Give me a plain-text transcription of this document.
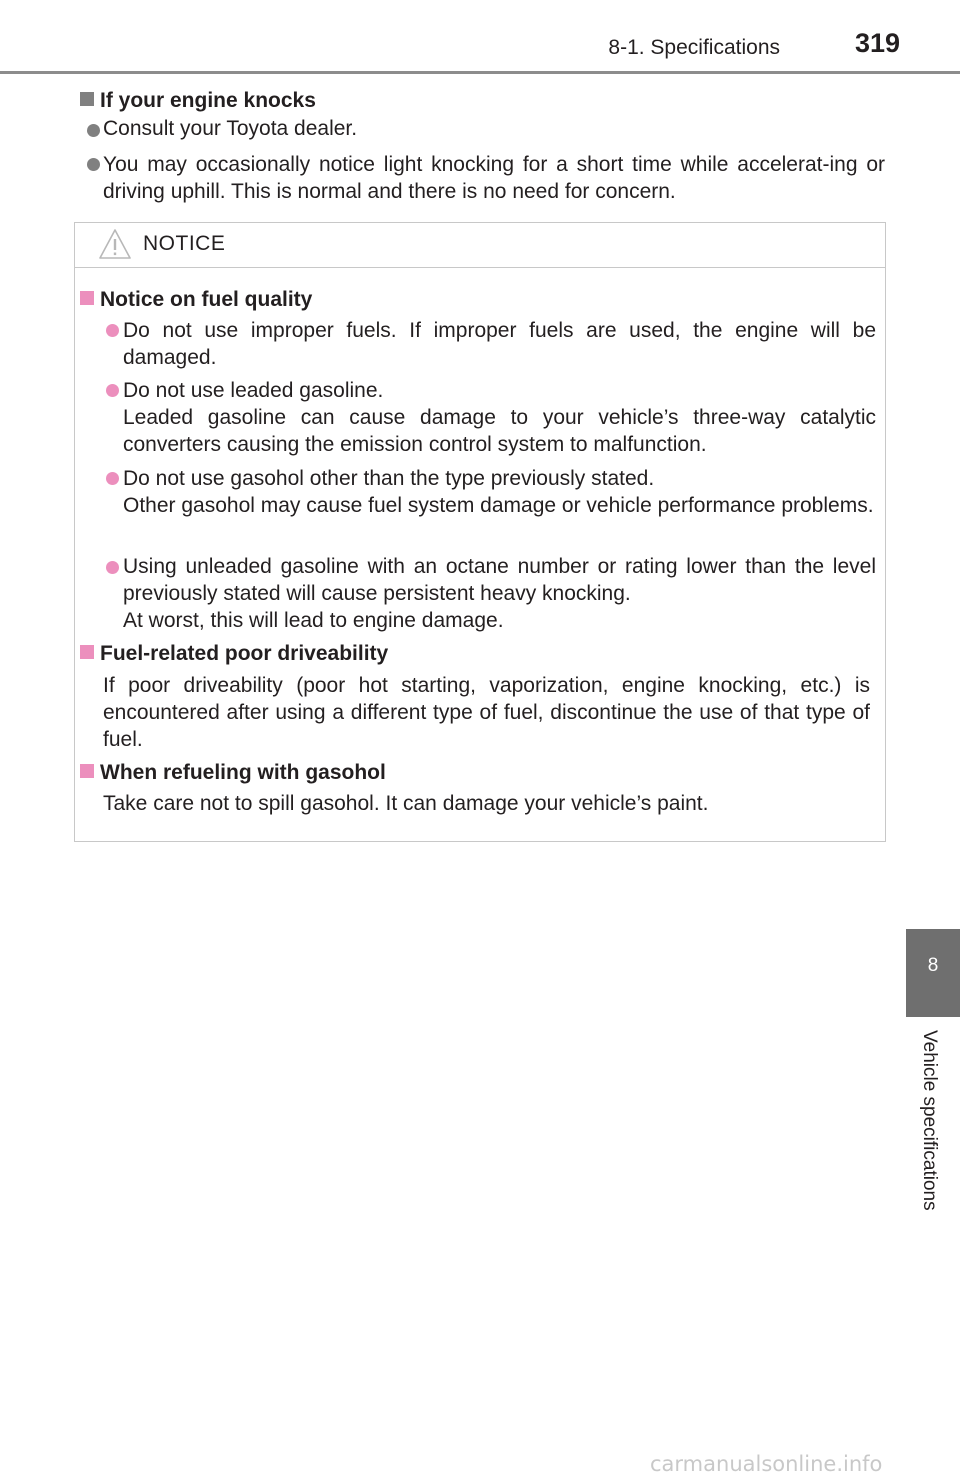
8-1. Specifications	319
8
Vehicle specifications
If your engine knocks
Consult your Toyota dealer.
You may occasionally notice light knocking for a short time while accelerat-ing or driving uphill. This is normal and there is no need for concern.
NOTICE
Notice on fuel quality
Do not use improper fuels. If improper fuels are used, the engine will be damaged.
Do not use leaded gasoline.
Leaded gasoline can cause damage to your vehicle’s three-way catalytic converters causing the emission control system to malfunction.
Do not use gasohol other than the type previously stated.
Other gasohol may cause fuel system damage or vehicle performance problems.
Using unleaded gasoline with an octane number or rating lower than the level previously stated will cause persistent heavy knocking.
At worst, this will lead to engine damage.
Fuel-related poor driveability
If poor driveability (poor hot starting, vaporization, engine knocking, etc.) is encountered after using a different type of fuel, discontinue the use of that type of fuel.
When refueling with gasohol
Take care not to spill gasohol. It can damage your vehicle’s paint.
carmanualsonline.info
